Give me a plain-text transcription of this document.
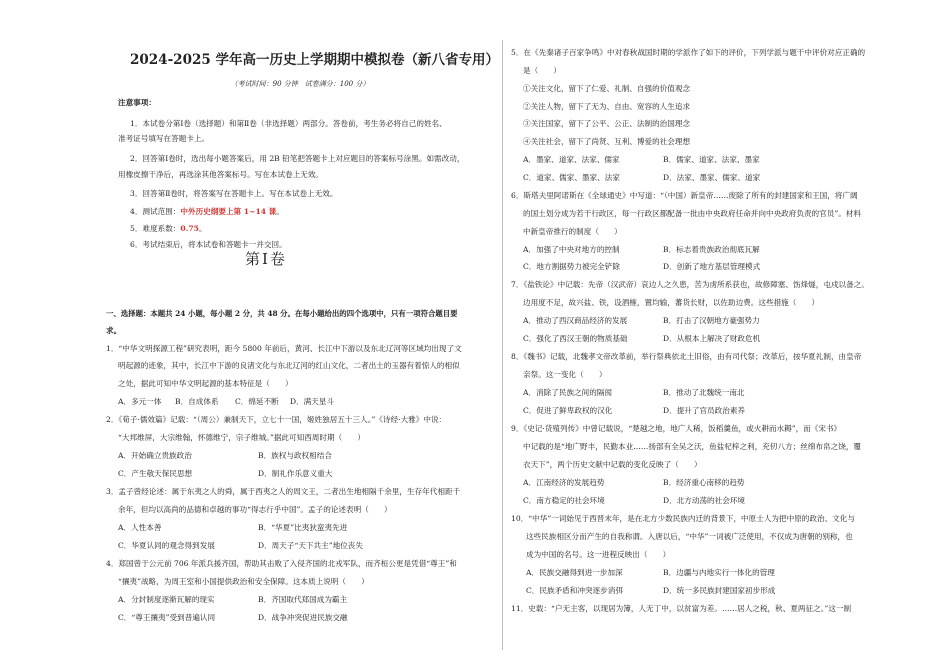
2024-2025 学年高一历史上学期期中模拟卷（新八省专用）
（考试时间：90 分钟　试卷满分：100 分）
注意事项：
1．本试卷分第Ⅰ卷（选择题）和第Ⅱ卷（非选择题）两部分。答卷前，考生务必将自己的姓名、
准考证号填写在答题卡上。
2．回答第Ⅰ卷时，选出每小题答案后，用 2B 铅笔把答题卡上对应题目的答案标号涂黑。如需改动，
用橡皮擦干净后，再选涂其他答案标号。写在本试卷上无效。
3．回答第Ⅱ卷时，将答案写在答题卡上。写在本试卷上无效。
4．测试范围：中外历史纲要上第 1~14 课。
5．难度系数：0.75。
6．考试结束后，将本试卷和答题卡一并交回。
第Ⅰ卷
一、选择题：本题共 24 小题，每小题 2 分，共 48 分。在每小题给出的四个选项中，只有一项符合题目要
求。
1．“中华文明探源工程”研究表明，距今 5800 年前后，黄河、长江中下游以及东北辽河等区域均出现了文
明起源的迹象，其中，长江中下游的良渚文化与东北辽河的红山文化，二者出土的玉器有着惊人的相似
之处，据此可知中华文明起源的基本特征是（　　）
A．多元一体 B．自成体系 C．绵延不断 D．满天星斗
2．《荀子·儒效篇》记载：“（周公）兼制天下，立七十一国，姬姓独居五十三人。”《诗经·大雅》中说：
“大邦维屏，大宗维翰，怀德维宁，宗子维城。”据此可知西周时期（　　）
A．开始确立贵族政治	B．族权与政权相结合
C．产生敬天保民思想	D．制礼作乐意义重大
3．孟子曾经论述：属于东夷之人的舜，属于西夷之人的周文王，二者出生地相隔千余里，生存年代相距千
余年，但均以高尚的品德和卓越的事功“得志行乎中国”。孟子的论述表明（　　）
A．人性本善	B．“华夏”比夷狄蛮夷先进
C．华夏认同的观念得到发展	D．周天子“天下共主”地位丧失
4．郑国曾于公元前 706 年派兵援齐国，帮助其击败了入侵齐国的北戎军队，而齐桓公更是凭借“尊王”和
“攘夷”战略，为周王室和小国提供政治和安全保障。这本质上说明（　　）
A．分封制度逐渐瓦解的现实	B．齐国取代郑国成为霸主
C．“尊王攘夷”受到普遍认同	D．战争冲突促进民族交融
5．在《先秦诸子百家争鸣》中对春秋战国时期的学派作了如下的评价，下列学派与题干中评价对应正确的
是（　　）
①关注文化，留下了仁爱、礼制、自强的价值观念
②关注人物，留下了无为、自由、宽容的人生追求
③关注国家，留下了公平、公正、法制的治国理念
④关注社会，留下了尚贤、互利、博爱的社会理想
A．墨家、道家、法家、儒家	B．儒家、道家、法家、墨家
C．道家、儒家、墨家、法家	D．法家、墨家、儒家、道家
6．斯塔夫里阿诺斯在《全球通史》中写道：“（中国）新皇帝……废除了所有的封建国家和王国，将广阔
的国土划分成为若干行政区，每一行政区都配备一批由中央政府任命并向中央政府负责的官员”。材料
中新皇帝推行的制度（　　）
A．加强了中央对地方的控制	B．标志着贵族政治彻底瓦解
C．地方割据势力被完全铲除	D．创新了地方基层管理模式
7．《盐铁论》中记载：先帝（汉武帝）哀边人之久患，苦为虏所系获也，故修障塞、饬烽燧，屯戍以备之。
边用度不足，故兴盐、铁，设酒榷，置均输，蕃货长财，以佐助边费。这些措施（　　）
A．推动了西汉商品经济的发展	B．打击了汉朝地方豪强势力
C．强化了西汉王朝的物质基础	D．从根本上解决了财政危机
8．《魏书》记载，北魏孝文帝改革前，举行祭典依北土旧俗，由有司代祭；改革后，按华夏礼制，由皇帝
亲祭。这一变化（　　）
A．消除了民族之间的隔阂	B．推动了北魏统一南北
C．促进了鲜卑政权的汉化	D．提升了官员政治素养
9．《史记·货殖列传》中曾记载说，“楚越之地，地广人稀，饭稻羹鱼，或火耕而水耨”，而《宋书》
中记载的是“地广野丰，民勤本业……扬部有全吴之沃，鱼盐杞梓之利，充仞八方；丝绵布帛之饶，覆
衣天下”，两个历史文献中记载的变化反映了（　　）
A．江南经济的发展趋势	B．经济重心南移的趋势
C．南方稳定的社会环境	D．北方动荡的社会环境
10．“中华”一词始见于西晋末年，是在北方少数民族内迁的背景下，中原士人为把中原的政治、文化与
这些民族相区分而产生的自我称谓。入唐以后，“中华”一词被广泛使用，不仅成为唐朝的别称，也
成为中国的名号。这一进程反映出（　　）
A．民族交融得到进一步加深	B．边疆与内地实行一体化的管理
C．民族矛盾和冲突逐步消弭	D．统一多民族封建国家初步形成
11．史载：“户无主客，以现居为簿，人无丁中，以贫富为差。……居人之税，秋、夏两征之。”这一制
